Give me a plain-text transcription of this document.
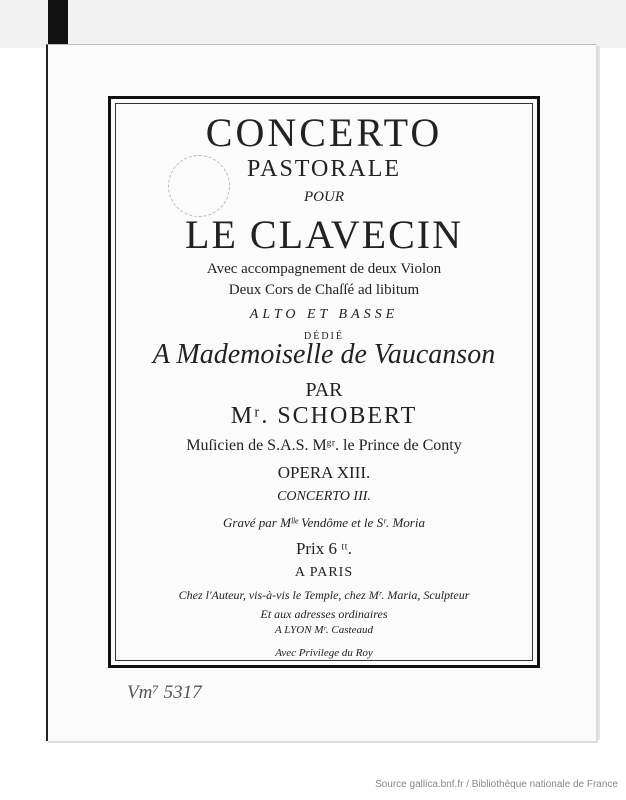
CONCERTO
PASTORALE
POUR
LE CLAVECIN
Avec accompagnement de deux Violon
Deux Cors de Chaſſé ad libitum
ALTO ET BASSE
DÉDIÉ
A Mademoiselle de Vaucanson
PAR
Mʳ. SCHOBERT
Muſicien de S.A.S. Mᵍʳ. le Prince de Conty
OPERA XIII.
CONCERTO III.
Gravé par Mˡˡᵉ Vendôme et le Sʳ. Moria
Prix 6 ᵗᵗ.
A PARIS
Chez l'Auteur, vis-à-vis le Temple, chez Mʳ. Maria, Sculpteur
Et aux adresses ordinaires
A LYON Mʳ. Casteaud
Avec Privilege du Roy
Vm⁷ 5317
Source gallica.bnf.fr / Bibliothèque nationale de France
